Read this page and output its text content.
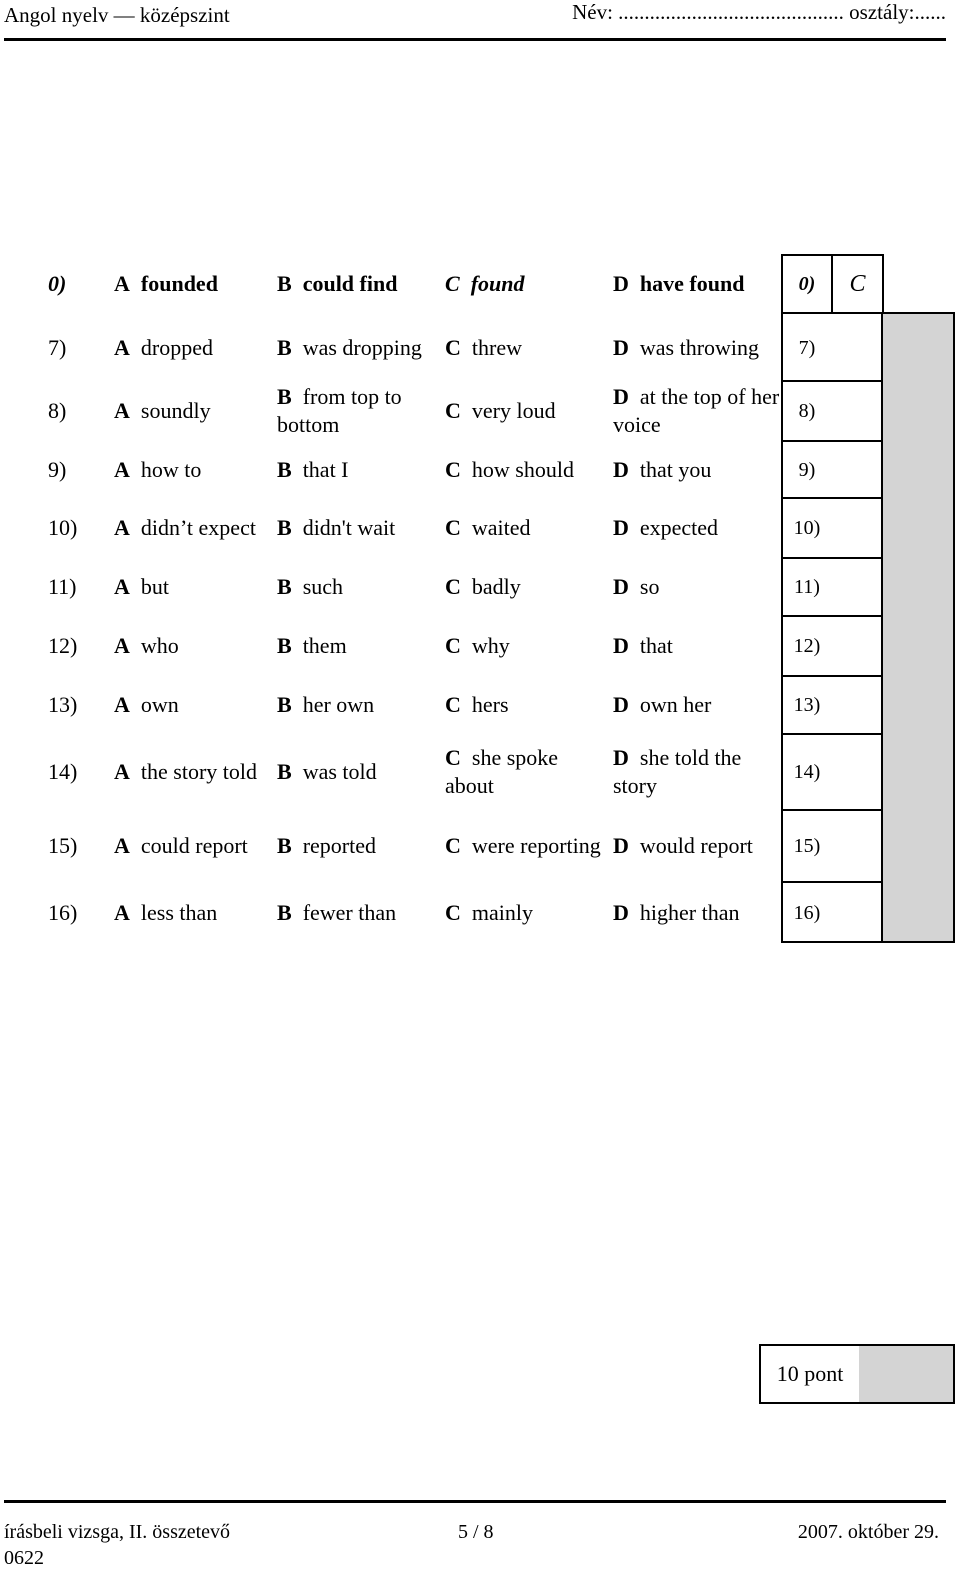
Angol nyelv — középszint	Név: ........................................... osztály:......
0) A
founded	B
could find C
found	D
have found	0)	C
7) A dropped	B was dropping C threw	D was throwing	7)
8) A soundly
B from top to bottom
C very loud
D at the top of her voice
8)
9) A how to	B that I	C how should D that you	9)
10) A didn’t expect B didn't wait C waited	D expected	10)
11) A but	B such	C badly	D so	11)
12) A who	B them	C why	D that	12)
13) A own	B her own	C hers	D own her	13)
14) A the story told B was told
C she spoke about
D she told the story
14)
15) A could report B reported	C were reporting D would report	15)
16) A less than	B fewer than C mainly	D higher than	16)
10 pont
írásbeli vizsga, II. összetevő
0622
5 / 8	2007. október 29.
